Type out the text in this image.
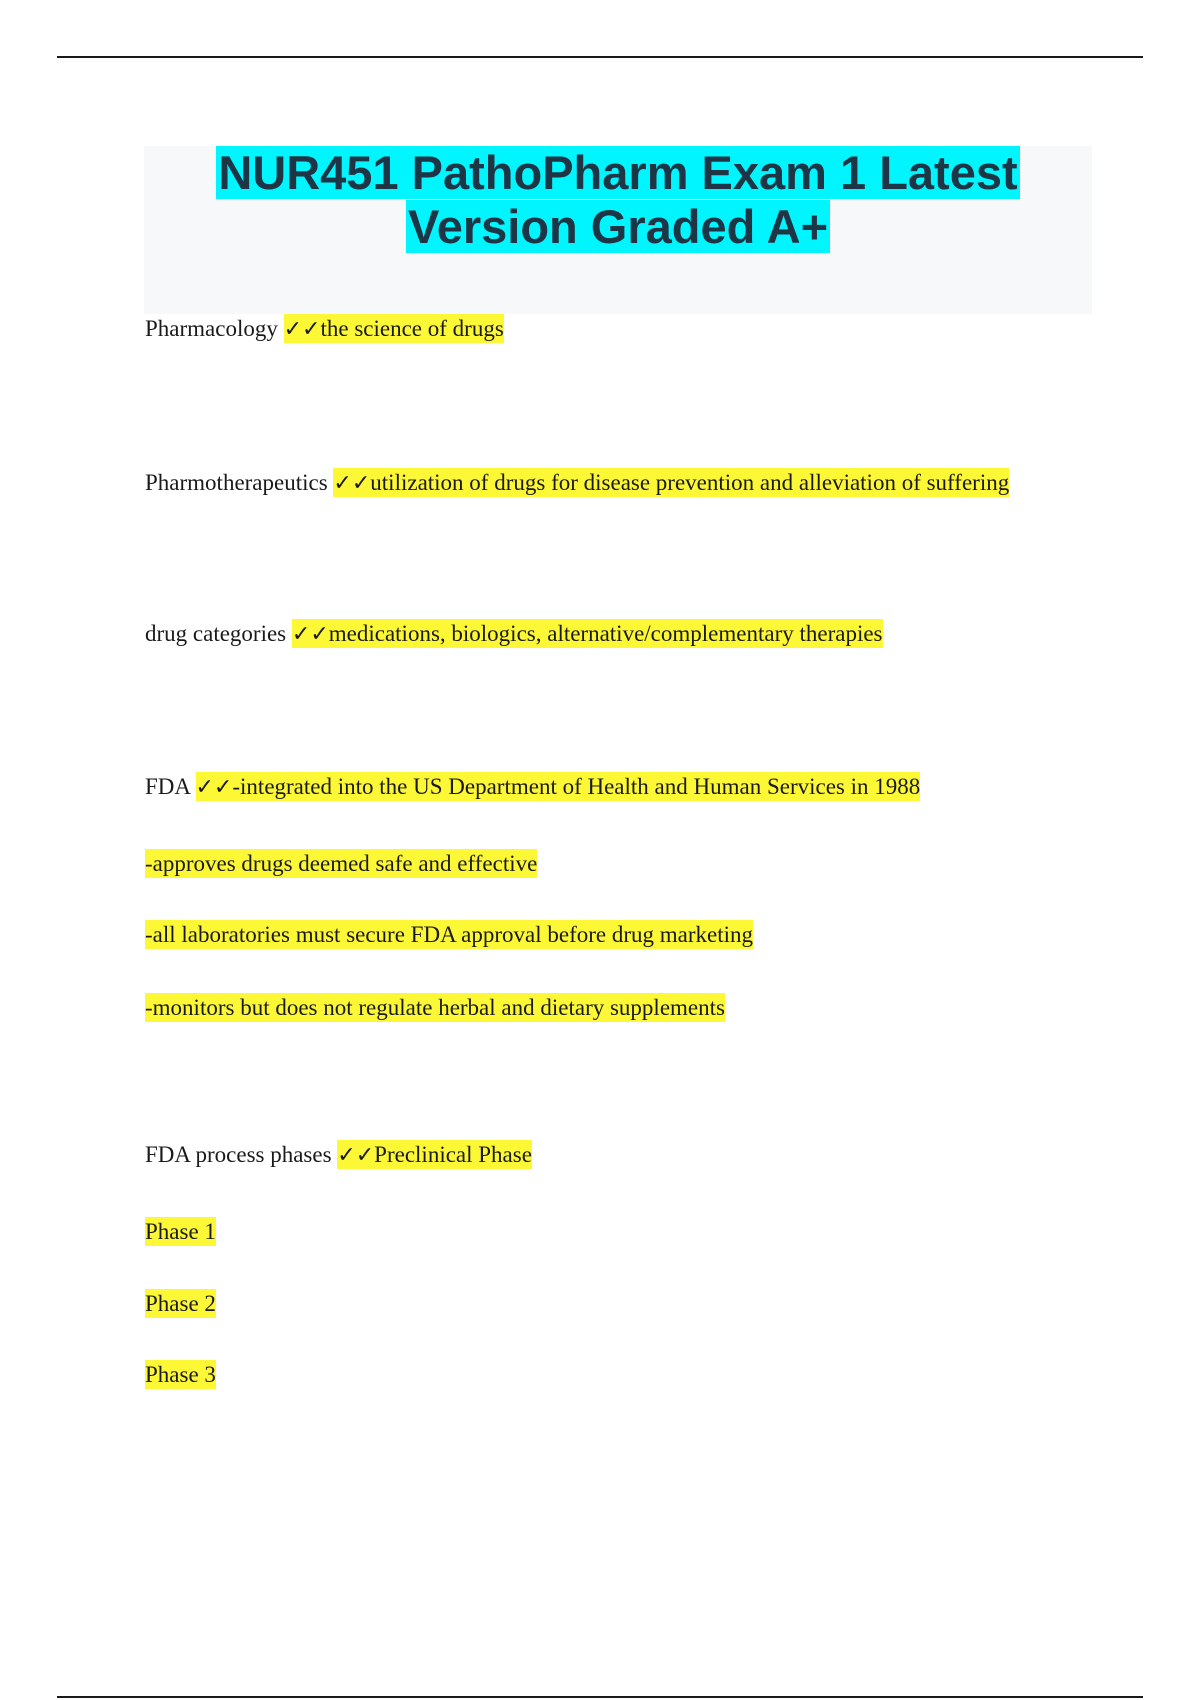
NUR451 PathoPharm Exam 1 Latest
Version Graded A+
Pharmacology ✓✓the science of drugs
Pharmotherapeutics ✓✓utilization of drugs for disease prevention and alleviation of suffering
drug categories ✓✓medications, biologics, alternative/complementary therapies
FDA ✓✓-integrated into the US Department of Health and Human Services in 1988
-approves drugs deemed safe and effective
-all laboratories must secure FDA approval before drug marketing
-monitors but does not regulate herbal and dietary supplements
FDA process phases ✓✓Preclinical Phase
Phase 1
Phase 2
Phase 3
